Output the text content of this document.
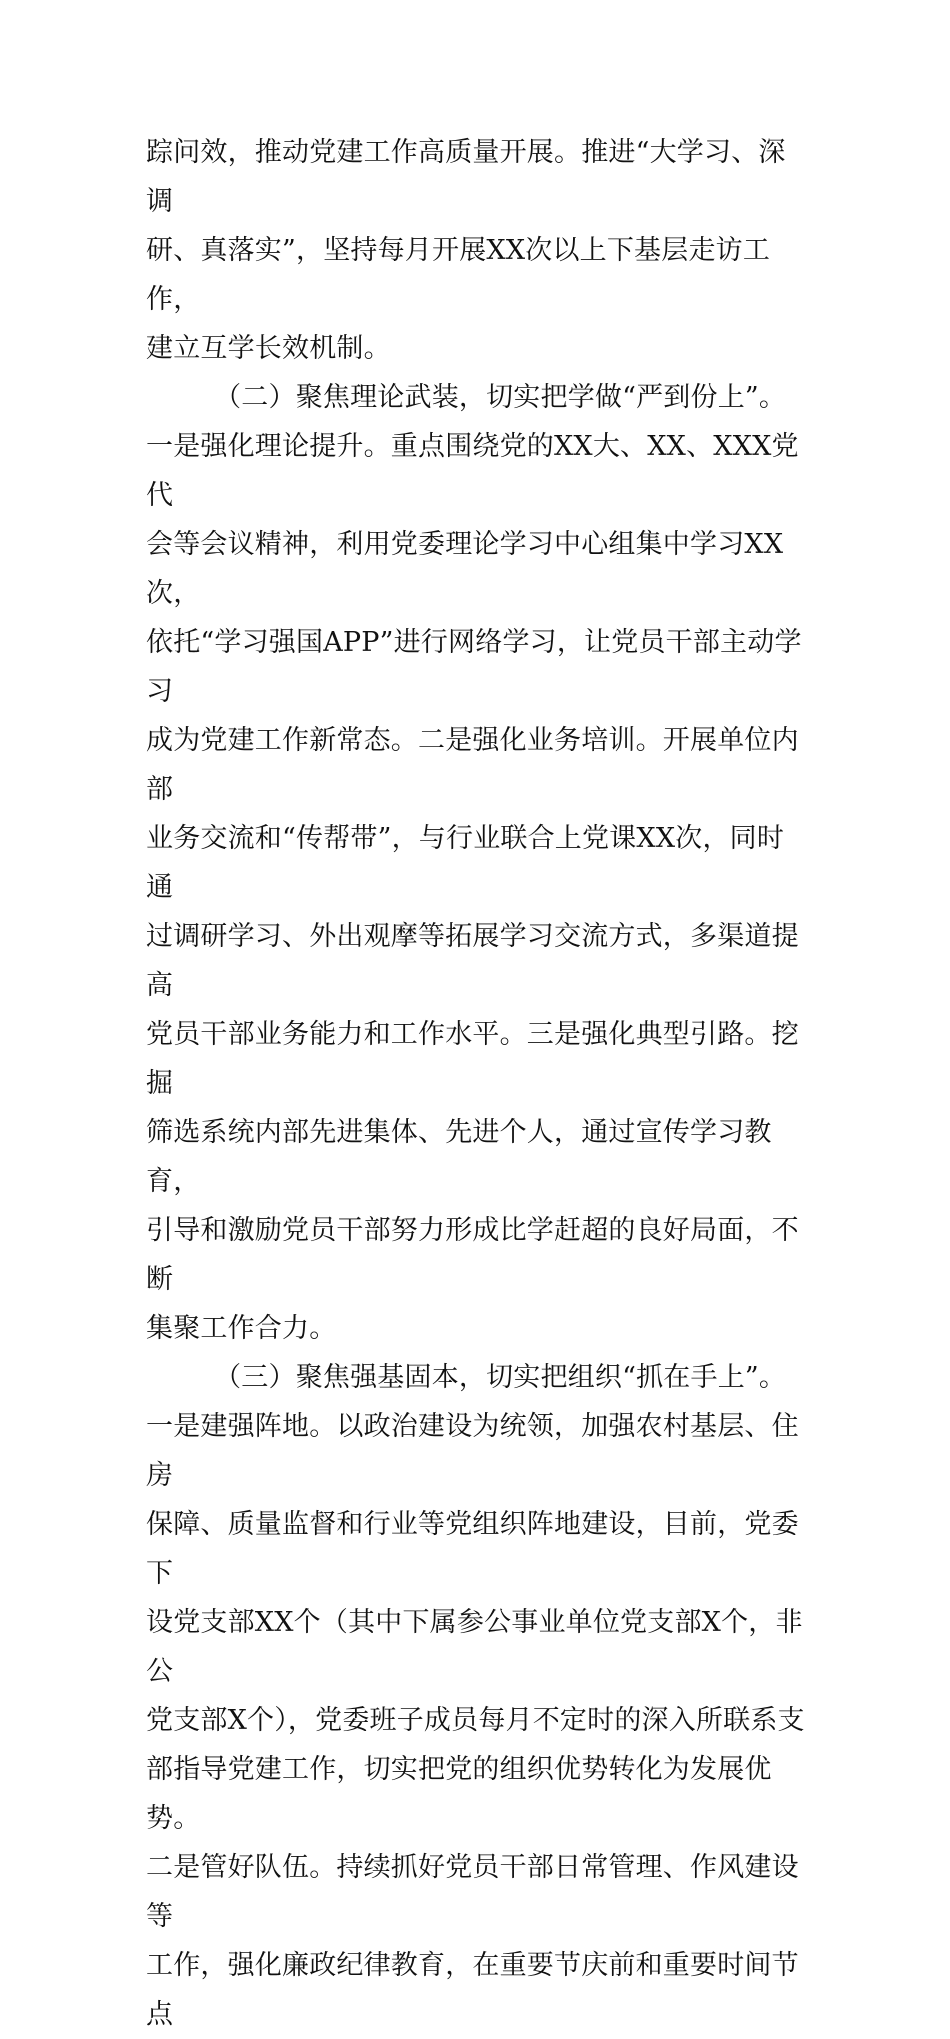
踪问效，推动党建工作高质量开展。推进“大学习、深调
研、真落实”，坚持每月开展XX次以上下基层走访工作，
建立互学长效机制。

　　　（二）聚焦理论武装，切实把学做“严到份上”。
一是强化理论提升。重点围绕党的XX大、XX、XXX党代
会等会议精神，利用党委理论学习中心组集中学习XX次，
依托“学习强国APP”进行网络学习，让党员干部主动学习
成为党建工作新常态。二是强化业务培训。开展单位内部
业务交流和“传帮带”，与行业联合上党课XX次，同时通
过调研学习、外出观摩等拓展学习交流方式，多渠道提高
党员干部业务能力和工作水平。三是强化典型引路。挖掘
筛选系统内部先进集体、先进个人，通过宣传学习教育，
引导和激励党员干部努力形成比学赶超的良好局面，不断
集聚工作合力。

　　　（三）聚焦强基固本，切实把组织“抓在手上”。
一是建强阵地。以政治建设为统领，加强农村基层、住房
保障、质量监督和行业等党组织阵地建设，目前，党委下
设党支部XX个（其中下属参公事业单位党支部X个，非公
党支部X个），党委班子成员每月不定时的深入所联系支
部指导党建工作，切实把党的组织优势转化为发展优势。
二是管好队伍。持续抓好党员干部日常管理、作风建设等
工作，强化廉政纪律教育，在重要节庆前和重要时间节点
